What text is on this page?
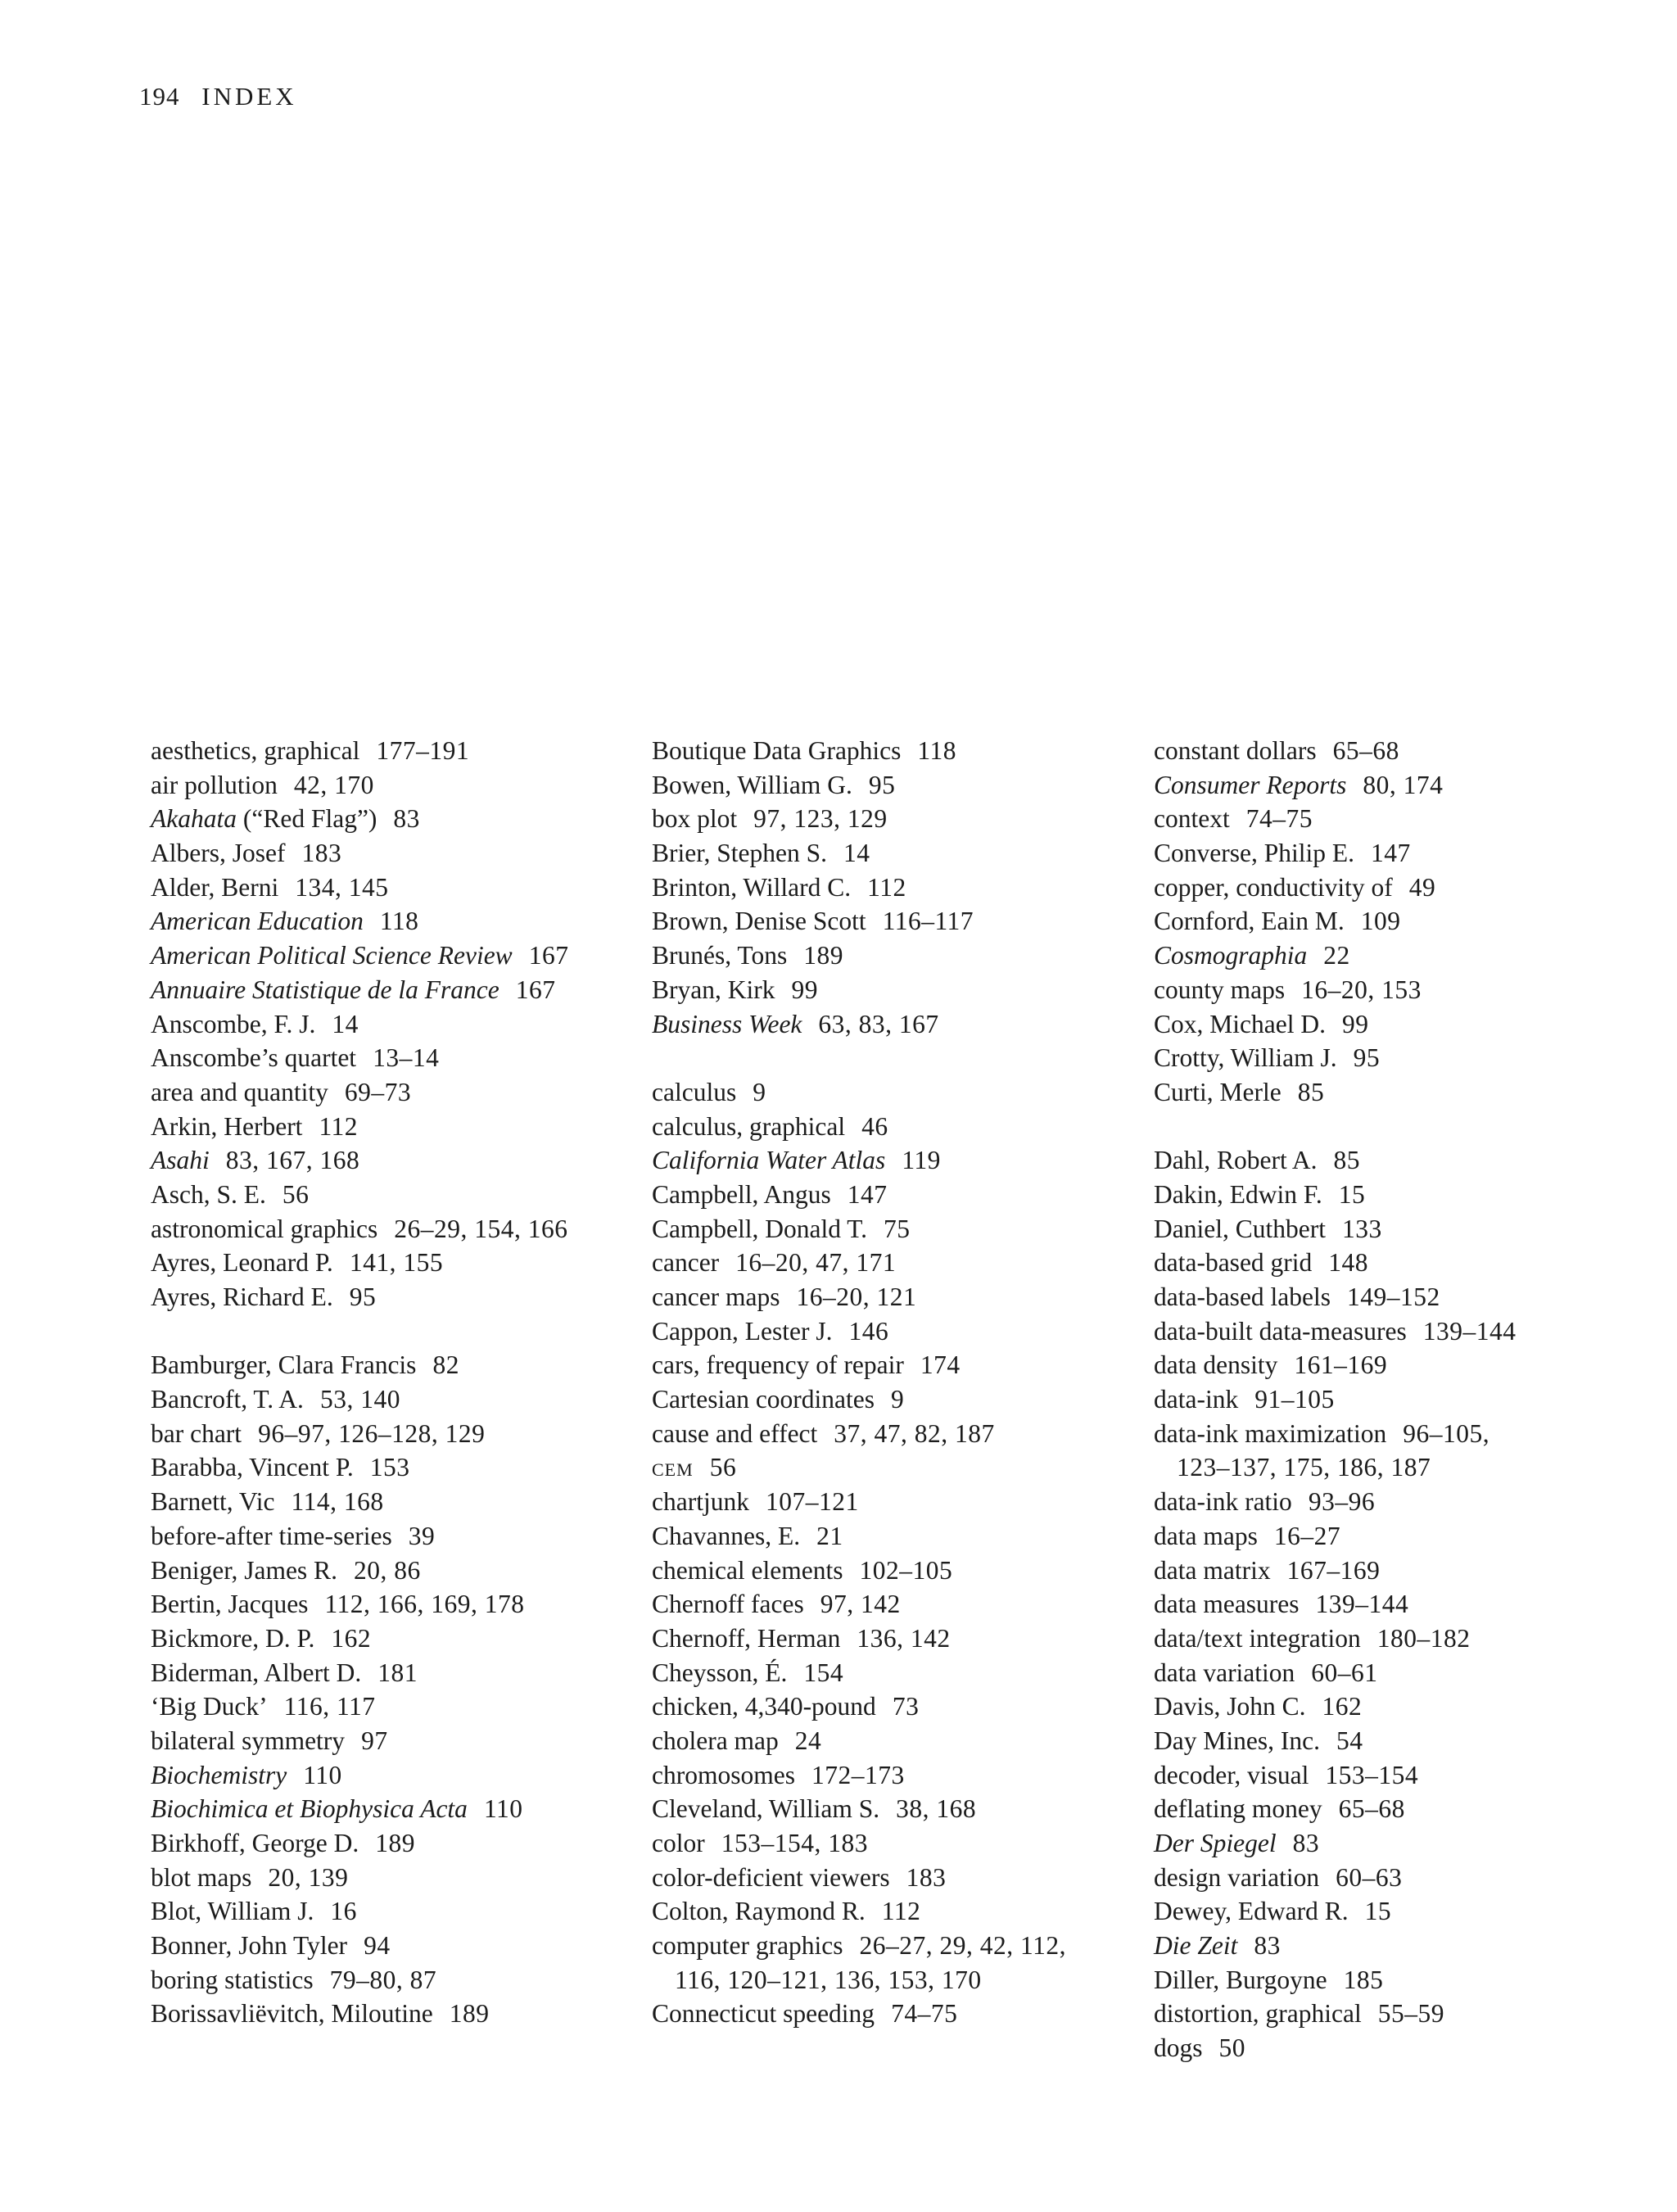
194 INDEX
aesthetics, graphical 177–191
air pollution 42, 170
Akahata (“Red Flag”) 83
Albers, Josef 183
Alder, Berni 134, 145
American Education 118
American Political Science Review 167
Annuaire Statistique de la France 167
Anscombe, F. J. 14
Anscombe’s quartet 13–14
area and quantity 69–73
Arkin, Herbert 112
Asahi 83, 167, 168
Asch, S. E. 56
astronomical graphics 26–29, 154, 166
Ayres, Leonard P. 141, 155
Ayres, Richard E. 95
Bamburger, Clara Francis 82
Bancroft, T. A. 53, 140
bar chart 96–97, 126–128, 129
Barabba, Vincent P. 153
Barnett, Vic 114, 168
before-after time-series 39
Beniger, James R. 20, 86
Bertin, Jacques 112, 166, 169, 178
Bickmore, D. P. 162
Biderman, Albert D. 181
‘Big Duck’ 116, 117
bilateral symmetry 97
Biochemistry 110
Biochimica et Biophysica Acta 110
Birkhoff, George D. 189
blot maps 20, 139
Blot, William J. 16
Bonner, John Tyler 94
boring statistics 79–80, 87
Borissavliëvitch, Miloutine 189
Boutique Data Graphics 118
Bowen, William G. 95
box plot 97, 123, 129
Brier, Stephen S. 14
Brinton, Willard C. 112
Brown, Denise Scott 116–117
Brunés, Tons 189
Bryan, Kirk 99
Business Week 63, 83, 167
calculus 9
calculus, graphical 46
California Water Atlas 119
Campbell, Angus 147
Campbell, Donald T. 75
cancer 16–20, 47, 171
cancer maps 16–20, 121
Cappon, Lester J. 146
cars, frequency of repair 174
Cartesian coordinates 9
cause and effect 37, 47, 82, 187
CEM 56
chartjunk 107–121
Chavannes, E. 21
chemical elements 102–105
Chernoff faces 97, 142
Chernoff, Herman 136, 142
Cheysson, É. 154
chicken, 4,340-pound 73
cholera map 24
chromosomes 172–173
Cleveland, William S. 38, 168
color 153–154, 183
color-deficient viewers 183
Colton, Raymond R. 112
computer graphics 26–27, 29, 42, 112,
116, 120–121, 136, 153, 170
Connecticut speeding 74–75
constant dollars 65–68
Consumer Reports 80, 174
context 74–75
Converse, Philip E. 147
copper, conductivity of 49
Cornford, Eain M. 109
Cosmographia 22
county maps 16–20, 153
Cox, Michael D. 99
Crotty, William J. 95
Curti, Merle 85
Dahl, Robert A. 85
Dakin, Edwin F. 15
Daniel, Cuthbert 133
data-based grid 148
data-based labels 149–152
data-built data-measures 139–144
data density 161–169
data-ink 91–105
data-ink maximization 96–105,
123–137, 175, 186, 187
data-ink ratio 93–96
data maps 16–27
data matrix 167–169
data measures 139–144
data/text integration 180–182
data variation 60–61
Davis, John C. 162
Day Mines, Inc. 54
decoder, visual 153–154
deflating money 65–68
Der Spiegel 83
design variation 60–63
Dewey, Edward R. 15
Die Zeit 83
Diller, Burgoyne 185
distortion, graphical 55–59
dogs 50
